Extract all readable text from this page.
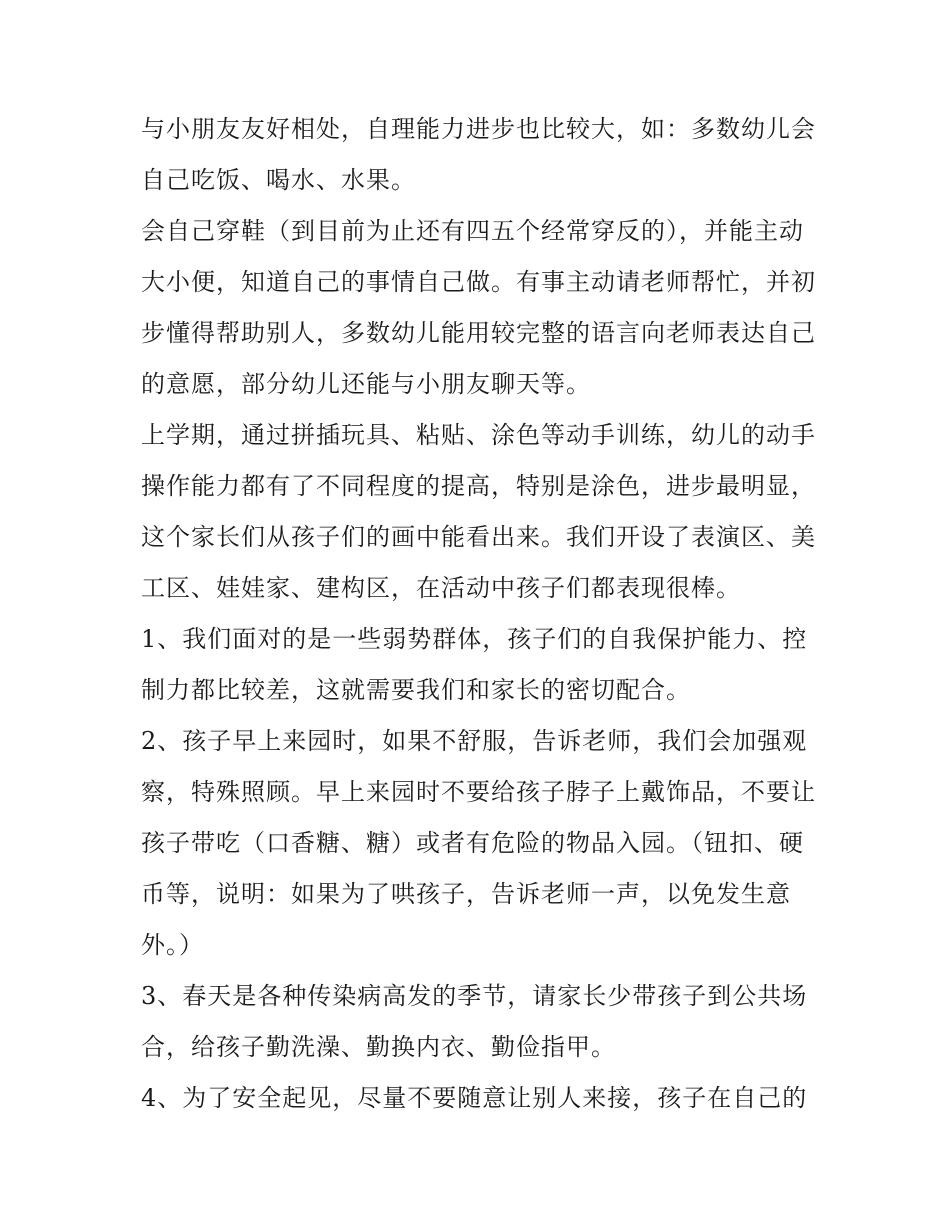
与小朋友友好相处，自理能力进步也比较大，如：多数幼儿会
自己吃饭、喝水、水果。
会自己穿鞋（到目前为止还有四五个经常穿反的），并能主动
大小便，知道自己的事情自己做。有事主动请老师帮忙，并初
步懂得帮助别人，多数幼儿能用较完整的语言向老师表达自己
的意愿，部分幼儿还能与小朋友聊天等。
上学期，通过拼插玩具、粘贴、涂色等动手训练，幼儿的动手
操作能力都有了不同程度的提高，特别是涂色，进步最明显，
这个家长们从孩子们的画中能看出来。我们开设了表演区、美
工区、娃娃家、建构区，在活动中孩子们都表现很棒。
1、我们面对的是一些弱势群体，孩子们的自我保护能力、控
制力都比较差，这就需要我们和家长的密切配合。
2、孩子早上来园时，如果不舒服，告诉老师，我们会加强观
察，特殊照顾。早上来园时不要给孩子脖子上戴饰品，不要让
孩子带吃（口香糖、糖）或者有危险的物品入园。（钮扣、硬
币等，说明：如果为了哄孩子，告诉老师一声，以免发生意
外。）
3、春天是各种传染病高发的季节，请家长少带孩子到公共场
合，给孩子勤洗澡、勤换内衣、勤俭指甲。
4、为了安全起见，尽量不要随意让别人来接，孩子在自己的
